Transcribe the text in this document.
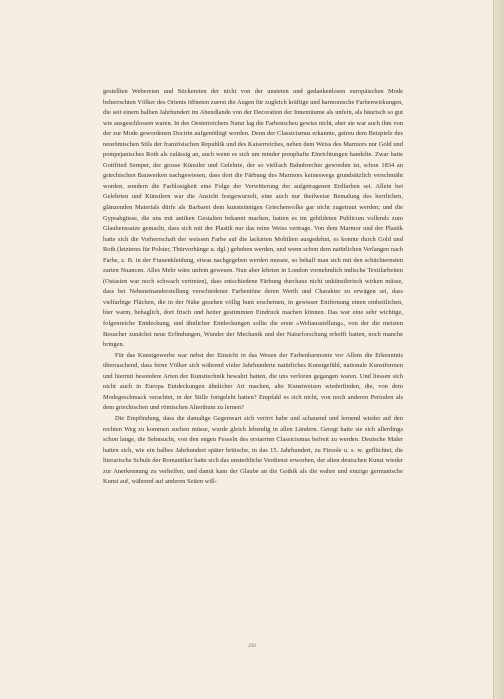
gestellten Webereien und Stickereien der nicht von der unsteten und gedankenlosen europäischen Mode beherrschten Völker des Orients öffneten zuerst die Augen für zugleich kräftige und harmonische Farbenwirkungen, die seit einem halben Jahrhundert im Abendlande von der Decoration der Innenräume als unfein, als bäurisch so gut wie ausgeschlossen waren. In des Oesterreichers Natur lag die Farbenscheu gewiss nicht, aber sie war auch ihm von der zur Mode gewordenen Doctrin aufgenöthigt worden. Denn der Classicismus erkannte, getreu dem Beispiele des neurömischen Stils der französischen Republik und des Kaiserreiches, neben dem Weiss des Marmors nur Gold und pompejanisches Roth als zulässig an, auch wenn es sich um minder pomphafte Einrichtungen handelte. Zwar hatte Gottfried Semper, der grosse Künstler und Gelehrte, der so vielfach Bahnbrecher geworden ist, schon 1834 an griechischen Bauwerken nachgewiesen, dass dort die Färbung des Marmors keineswegs grundsätzlich verschmäht worden, sondern die Farblosigkeit eine Folge der Verwitterung der aufgetragenen Erdfarben sei. Allein bei Gelehrten und Künstlern war die Ansicht festgewurzelt, eine auch nur theilweise Bemalung des herrlichen, glänzenden Materials dürfe als Barbarei dem kunstsinnigen Griechenvolke gar nicht zugetraut werden; und die Gypsabgüsse, die uns mit antiken Gestalten bekannt machen, hatten es im gebildeten Publicum vollends zum Glaubenssatze gemacht, dass sich mit der Plastik nur das reine Weiss vertrage. Von dem Marmor und der Plastik hatte sich die Vorherrschaft der weissen Farbe auf die lackirten Mobilien ausgedehnt, es konnte durch Gold und Roth (letzteres für Polster, Thürvorhänge u. dgl.) gehoben werden, und wenn schon dem natürlichen Verlangen nach Farbe, z. B. in der Frauenkleidung, etwas nachgegeben werden musste, so behalf man sich mit den schüchternsten zarten Nuancen. Alles Mehr wäre unfein gewesen. Nun aber lehrten in London vornehmlich indische Textilarbeiten (Ostasien war noch schwach vertreten), dass entschiedene Färbung durchaus nicht unkünstlerisch wirken müsse, dass bei Nebeneinanderstellung verschiedener Farbentöne deren Werth und Charakter zu erwägen sei, dass vielfarbige Flächen, die in der Nähe gesehen völlig bunt erscheinen, in gewisser Entfernung einen einheitlichen, hier warm, behaglich, dort frisch und heiter gestimmten Eindruck machen können. Das war eine sehr wichtige, folgenreiche Entdeckung, und ähnlicher Entdeckungen sollte die erste »Weltausstellung«, von der die meisten Besucher zunächst neue Erfindungen, Wunder der Mechanik und der Naturforschung erhofft hatten, noch manche bringen.

Für das Kunstgewerbe war nebst der Einsicht in das Wesen der Farbenharmonie vor Allem die Erkenntnis überraschend, dass ferne Völker sich während vieler Jahrhunderte natürliches Kunstgefühl, nationale Kunstformen und hiermit besondere Arten der Kunsttechnik bewahrt hatten, die uns verloren gegangen waren. Und liessen sich nicht auch in Europa Entdeckungen ähnlicher Art machen, alte Kunstweisen wiederfinden, die, von dem Modegeschmack verachtet, in der Stille fortgelebt hatten? Empfahl es sich nicht, von noch anderen Perioden als dem griechischen und römischen Alterthum zu lernen?

Die Empfindung, dass die damalige Gegenwart sich verirrt habe und schauend und lernend wieder auf den rechten Weg zu kommen suchen müsse, wurde gleich lebendig in allen Ländern. Geregt hatte sie sich allerdings schon lange, die Sehnsucht, von den engen Fesseln des erstarrten Classicismus befreit zu werden. Deutsche Maler hatten sich, wie ein halbes Jahrhundert später britische, in das 15. Jahrhundert, zu Fiesole u. s. w. geflüchtet, die literarische Schule der Romantiker hatte sich das unsterbliche Verdienst erworben, der alten deutschen Kunst wieder zur Anerkennung zu verhelfen, und damit kam der Glaube an die Gothik als die wahre und einzige germanische Kunst auf, während auf anderen Seiten will-

250
